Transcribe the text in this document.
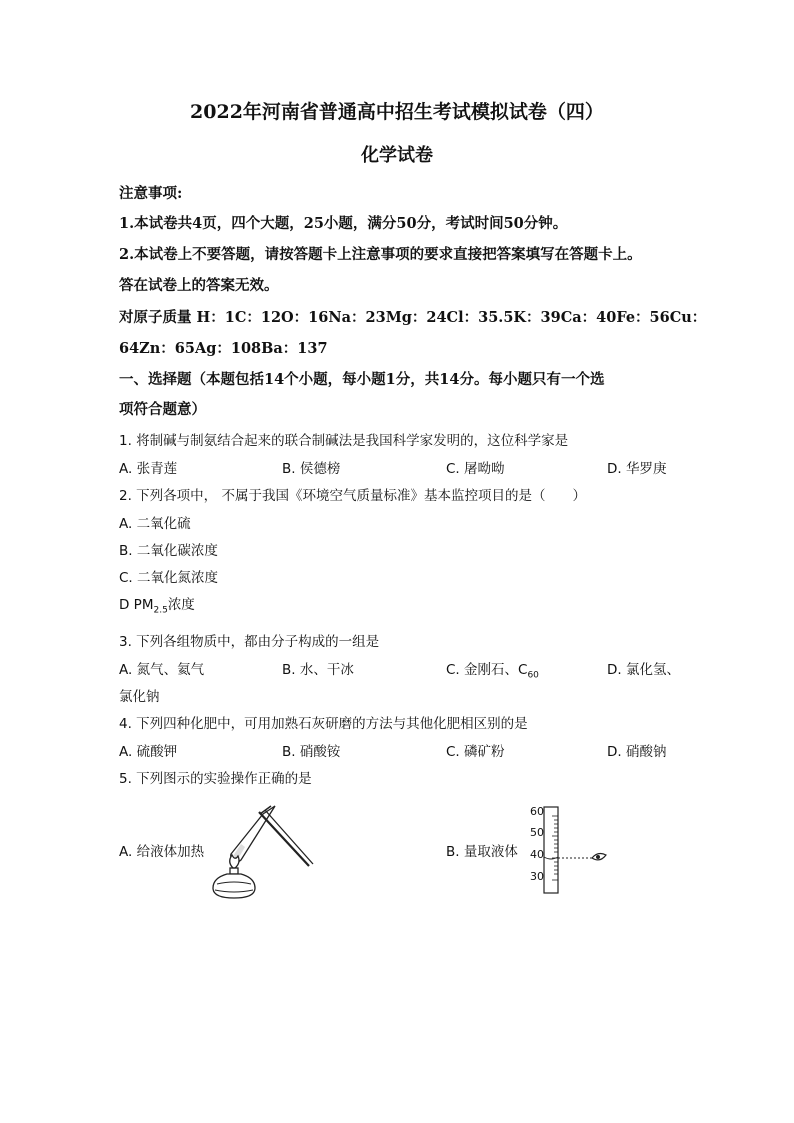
2022年河南省普通高中招生考试模拟试卷（四）
化学试卷
注意事项:
1.本试卷共4页，四个大题，25小题，满分50分，考试时间50分钟。
2.本试卷上不要答题，请按答题卡上注意事项的要求直接把答案填写在答题卡上。
答在试卷上的答案无效。
对原子质量 H：1C：12O：16Na：23Mg：24Cl：35.5K：39Ca：40Fe：56Cu：
64Zn：65Ag：108Ba：137
一、选择题（本题包括14个小题，每小题1分，共14分。每小题只有一个选
项符合题意）
1. 将制碱与制氨结合起来的联合制碱法是我国科学家发明的，这位科学家是
A. 张青莲	B. 侯德榜	C. 屠呦呦	D. 华罗庚
2. 下列各项中， 不属于我国《环境空气质量标准》基本监控项目的是（　　）
A. 二氧化硫
B. 二氧化碳浓度
C. 二氧化氮浓度
D $PM_{2.5}$浓度
3. 下列各组物质中，都由分子构成的一组是
A. 氮气、氦气	B. 水、干冰	C. 金刚石、$C_{60}$	D. 氯化氢、
氯化钠
4. 下列四种化肥中，可用加熟石灰研磨的方法与其他化肥相区别的是
A. 硫酸钾	B. 硝酸铵	C. 磷矿粉	D. 硝酸钠
5. 下列图示的实验操作正确的是
A. 给液体加热	B. 量取液体
60
50
40
30
